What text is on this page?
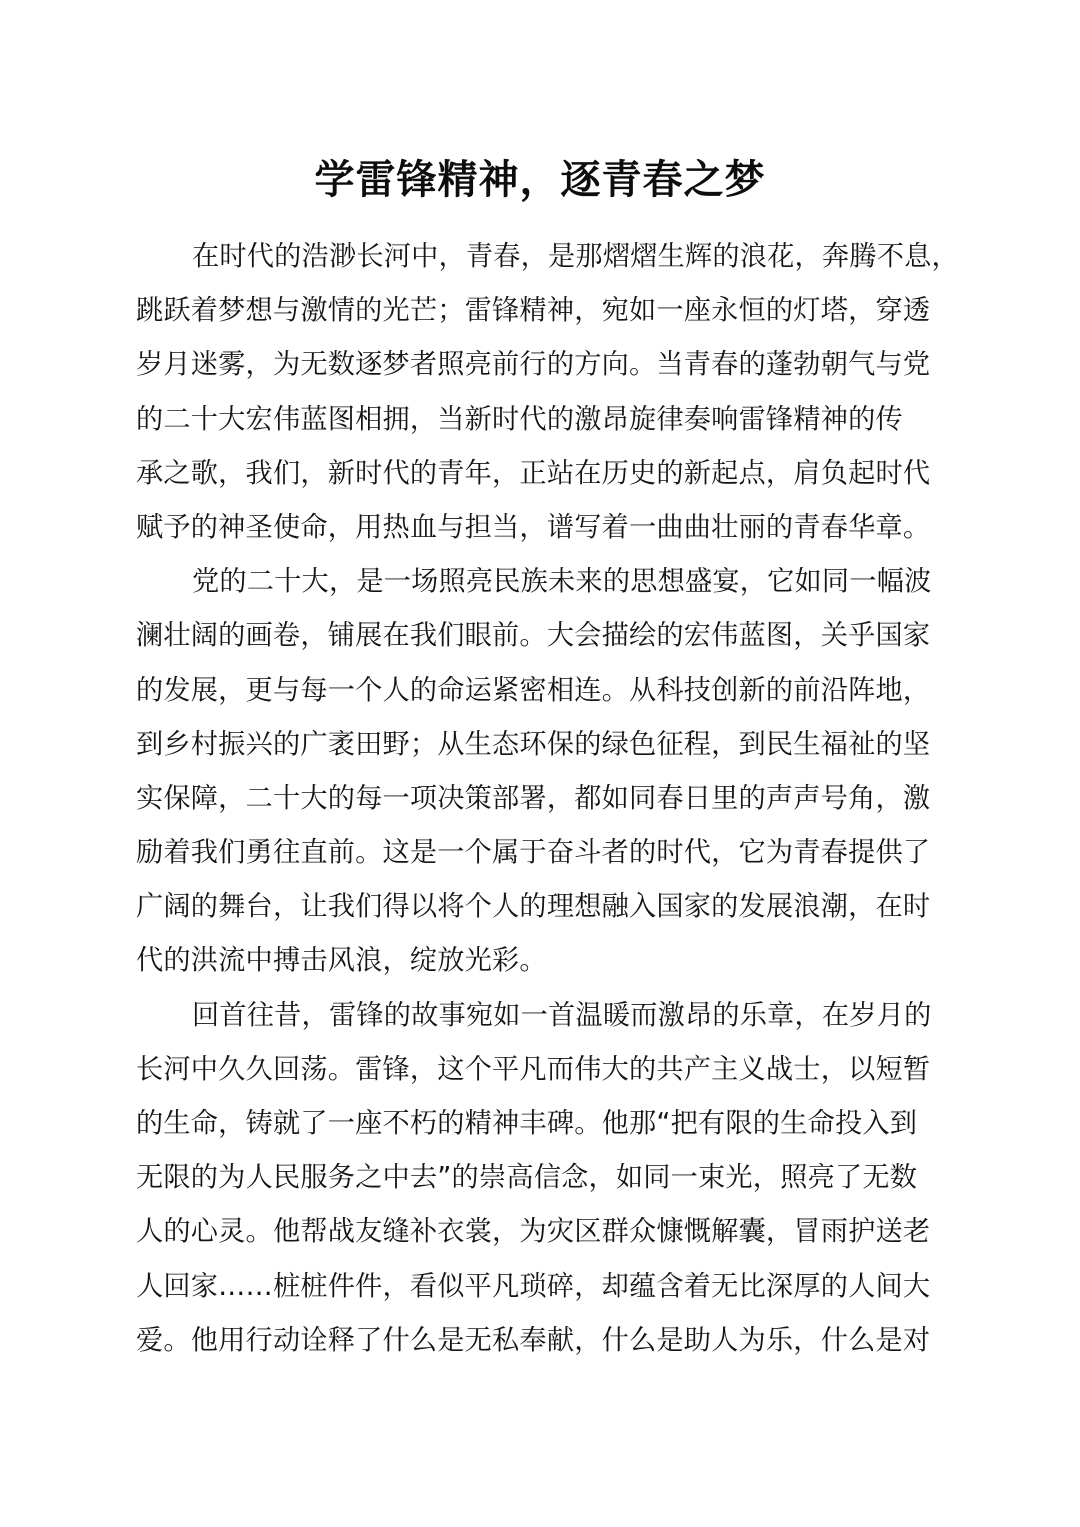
学雷锋精神，逐青春之梦
在时代的浩渺长河中，青春，是那熠熠生辉的浪花，奔腾不息，
跳跃着梦想与激情的光芒；雷锋精神，宛如一座永恒的灯塔，穿透
岁月迷雾，为无数逐梦者照亮前行的方向。当青春的蓬勃朝气与党
的二十大宏伟蓝图相拥，当新时代的激昂旋律奏响雷锋精神的传
承之歌，我们，新时代的青年，正站在历史的新起点，肩负起时代
赋予的神圣使命，用热血与担当，谱写着一曲曲壮丽的青春华章。
党的二十大，是一场照亮民族未来的思想盛宴，它如同一幅波
澜壮阔的画卷，铺展在我们眼前。大会描绘的宏伟蓝图，关乎国家
的发展，更与每一个人的命运紧密相连。从科技创新的前沿阵地，
到乡村振兴的广袤田野；从生态环保的绿色征程，到民生福祉的坚
实保障，二十大的每一项决策部署，都如同春日里的声声号角，激
励着我们勇往直前。这是一个属于奋斗者的时代，它为青春提供了
广阔的舞台，让我们得以将个人的理想融入国家的发展浪潮，在时
代的洪流中搏击风浪，绽放光彩。
回首往昔，雷锋的故事宛如一首温暖而激昂的乐章，在岁月的
长河中久久回荡。雷锋，这个平凡而伟大的共产主义战士，以短暂
的生命，铸就了一座不朽的精神丰碑。他那“把有限的生命投入到
无限的为人民服务之中去”的崇高信念，如同一束光，照亮了无数
人的心灵。他帮战友缝补衣裳，为灾区群众慷慨解囊，冒雨护送老
人回家……桩桩件件，看似平凡琐碎，却蕴含着无比深厚的人间大
爱。他用行动诠释了什么是无私奉献，什么是助人为乐，什么是对
